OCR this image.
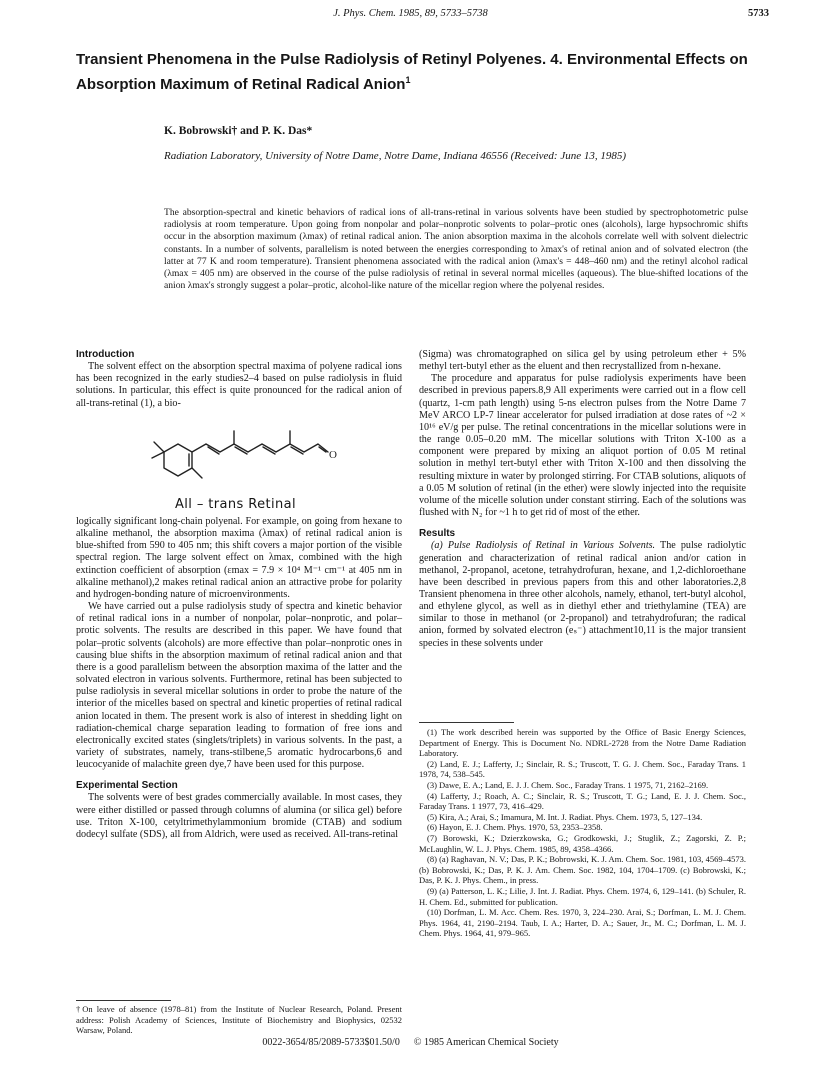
J. Phys. Chem. 1985, 89, 5733–5738	5733
Transient Phenomena in the Pulse Radiolysis of Retinyl Polyenes. 4. Environmental Effects on Absorption Maximum of Retinal Radical Anion$^1$
K. Bobrowski† and P. K. Das*
Radiation Laboratory, University of Notre Dame, Notre Dame, Indiana 46556 (Received: June 13, 1985)
The absorption-spectral and kinetic behaviors of radical ions of all-trans-retinal in various solvents have been studied by spectrophotometric pulse radiolysis at room temperature. Upon going from nonpolar and polar–nonprotic solvents to polar–protic ones (alcohols), large hypsochromic shifts occur in the absorption maximum (λmax) of retinal radical anion. The anion absorption maxima in the alcohols correlate well with solvent dielectric constants. In a number of solvents, parallelism is noted between the energies corresponding to λmax's of retinal anion and of solvated electron (the latter at 77 K and room temperature). Transient phenomena associated with the radical anion (λmax's = 448–460 nm) and the retinyl alcohol radical (λmax = 405 nm) are observed in the course of the pulse radiolysis of retinal in several normal micelles (aqueous). The blue-shifted locations of the anion λmax's strongly suggest a polar–protic, alcohol-like nature of the micellar region where the polyenal resides.
Introduction

The solvent effect on the absorption spectral maxima of polyene radical ions has been recognized in the early studies2–4 based on pulse radiolysis in fluid solutions. In particular, this effect is quite pronounced for the radical anion of all-trans-retinal (1), a bio-

O
All – trans Retinal

logically significant long-chain polyenal. For example, on going from hexane to alkaline methanol, the absorption maxima (λmax) of retinal radical anion is blue-shifted from 590 to 405 nm; this shift covers a major portion of the visible spectral region. The large solvent effect on λmax, combined with the high extinction coefficient of absorption (εmax = 7.9 × 10⁴ M⁻¹ cm⁻¹ at 405 nm in alkaline methanol),2 makes retinal radical anion an attractive probe for polarity and hydrogen-bonding nature of microenvironments.

We have carried out a pulse radiolysis study of spectra and kinetic behavior of retinal radical ions in a number of nonpolar, polar–nonprotic, and polar–protic solvents. The results are described in this paper. We have found that polar–protic solvents (alcohols) are more effective than polar–nonprotic ones in causing blue shifts in the absorption maximum of retinal radical anion and that there is a good parallelism between the absorption maxima of the latter and the solvated electron in various solvents. Furthermore, retinal has been subjected to pulse radiolysis in several micellar solutions in order to probe the nature of the interior of the micelles based on spectral and kinetic properties of retinal radical anion located in them. The present work is also of interest in shedding light on radiation-chemical charge separation leading to formation of free ions and electronically excited states (singlets/triplets) in various solvents. In the past, a variety of substrates, namely, trans-stilbene,5 aromatic hydrocarbons,6 and leucocyanide of malachite green dye,7 have been used for this purpose.

Experimental Section

The solvents were of best grades commercially available. In most cases, they were either distilled or passed through columns of alumina (or silica gel) before use. Triton X-100, cetyltrimethylammonium bromide (CTAB) and sodium dodecyl sulfate (SDS), all from Aldrich, were used as received. All-trans-retinal

(Sigma) was chromatographed on silica gel by using petroleum ether + 5% methyl tert-butyl ether as the eluent and then recrystallized from n-hexane.

The procedure and apparatus for pulse radiolysis experiments have been described in previous papers.8,9 All experiments were carried out in a flow cell (quartz, 1-cm path length) using 5-ns electron pulses from the Notre Dame 7 MeV ARCO LP-7 linear accelerator for pulsed irradiation at dose rates of ~2 × 10¹⁶ eV/g per pulse. The retinal concentrations in the micellar solutions were in the range 0.05–0.20 mM. The micellar solutions with Triton X-100 as a component were prepared by mixing an aliquot portion of 0.05 M retinal solution in methyl tert-butyl ether with Triton X-100 and then dissolving the resulting mixture in water by prolonged stirring. For CTAB solutions, aliquots of a 0.05 M solution of retinal (in the ether) were slowly injected into the requisite volume of the micelle solution under constant stirring. Each of the solutions was flushed with N₂ for ~1 h to get rid of most of the ether.

Results

(a) Pulse Radiolysis of Retinal in Various Solvents. The pulse radiolytic generation and characterization of retinal radical anion and/or cation in methanol, 2-propanol, acetone, tetrahydrofuran, hexane, and 1,2-dichloroethane have been described in previous papers from this and other laboratories.2,8 Transient phenomena in three other alcohols, namely, ethanol, tert-butyl alcohol, and ethylene glycol, as well as in diethyl ether and triethylamine (TEA) are similar to those in methanol (or 2-propanol) and tetrahydrofuran; the radical anion, formed by solvated electron (eₛ⁻) attachment10,11 is the major transient species in these solvents under

†On leave of absence (1978–81) from the Institute of Nuclear Research, Poland. Present address: Polish Academy of Sciences, Institute of Biochemistry and Biophysics, 02532 Warsaw, Poland.
(1) The work described herein was supported by the Office of Basic Energy Sciences, Department of Energy. This is Document No. NDRL-2728 from the Notre Dame Radiation Laboratory.
(2) Land, E. J.; Lafferty, J.; Sinclair, R. S.; Truscott, T. G. J. Chem. Soc., Faraday Trans. 1 1978, 74, 538–545.
(3) Dawe, E. A.; Land, E. J. J. Chem. Soc., Faraday Trans. 1 1975, 71, 2162–2169.
(4) Lafferty, J.; Roach, A. C.; Sinclair, R. S.; Truscott, T. G.; Land, E. J. J. Chem. Soc., Faraday Trans. 1 1977, 73, 416–429.
(5) Kira, A.; Arai, S.; Imamura, M. Int. J. Radiat. Phys. Chem. 1973, 5, 127–134.
(6) Hayon, E. J. Chem. Phys. 1970, 53, 2353–2358.
(7) Borowski, K.; Dzierzkowska, G.; Grodkowski, J.; Stuglik, Z.; Zagorski, Z. P.; McLaughlin, W. L. J. Phys. Chem. 1985, 89, 4358–4366.
(8) (a) Raghavan, N. V.; Das, P. K.; Bobrowski, K. J. Am. Chem. Soc. 1981, 103, 4569–4573. (b) Bobrowski, K.; Das, P. K. J. Am. Chem. Soc. 1982, 104, 1704–1709. (c) Bobrowski, K.; Das, P. K. J. Phys. Chem., in press.
(9) (a) Patterson, L. K.; Lilie, J. Int. J. Radiat. Phys. Chem. 1974, 6, 129–141. (b) Schuler, R. H. Chem. Ed., submitted for publication.
(10) Dorfman, L. M. Acc. Chem. Res. 1970, 3, 224–230. Arai, S.; Dorfman, L. M. J. Chem. Phys. 1964, 41, 2190–2194. Taub, I. A.; Harter, D. A.; Sauer, Jr., M. C.; Dorfman, L. M. J. Chem. Phys. 1964, 41, 979–965.
0022-3654/85/2089-5733$01.50/0 © 1985 American Chemical Society
